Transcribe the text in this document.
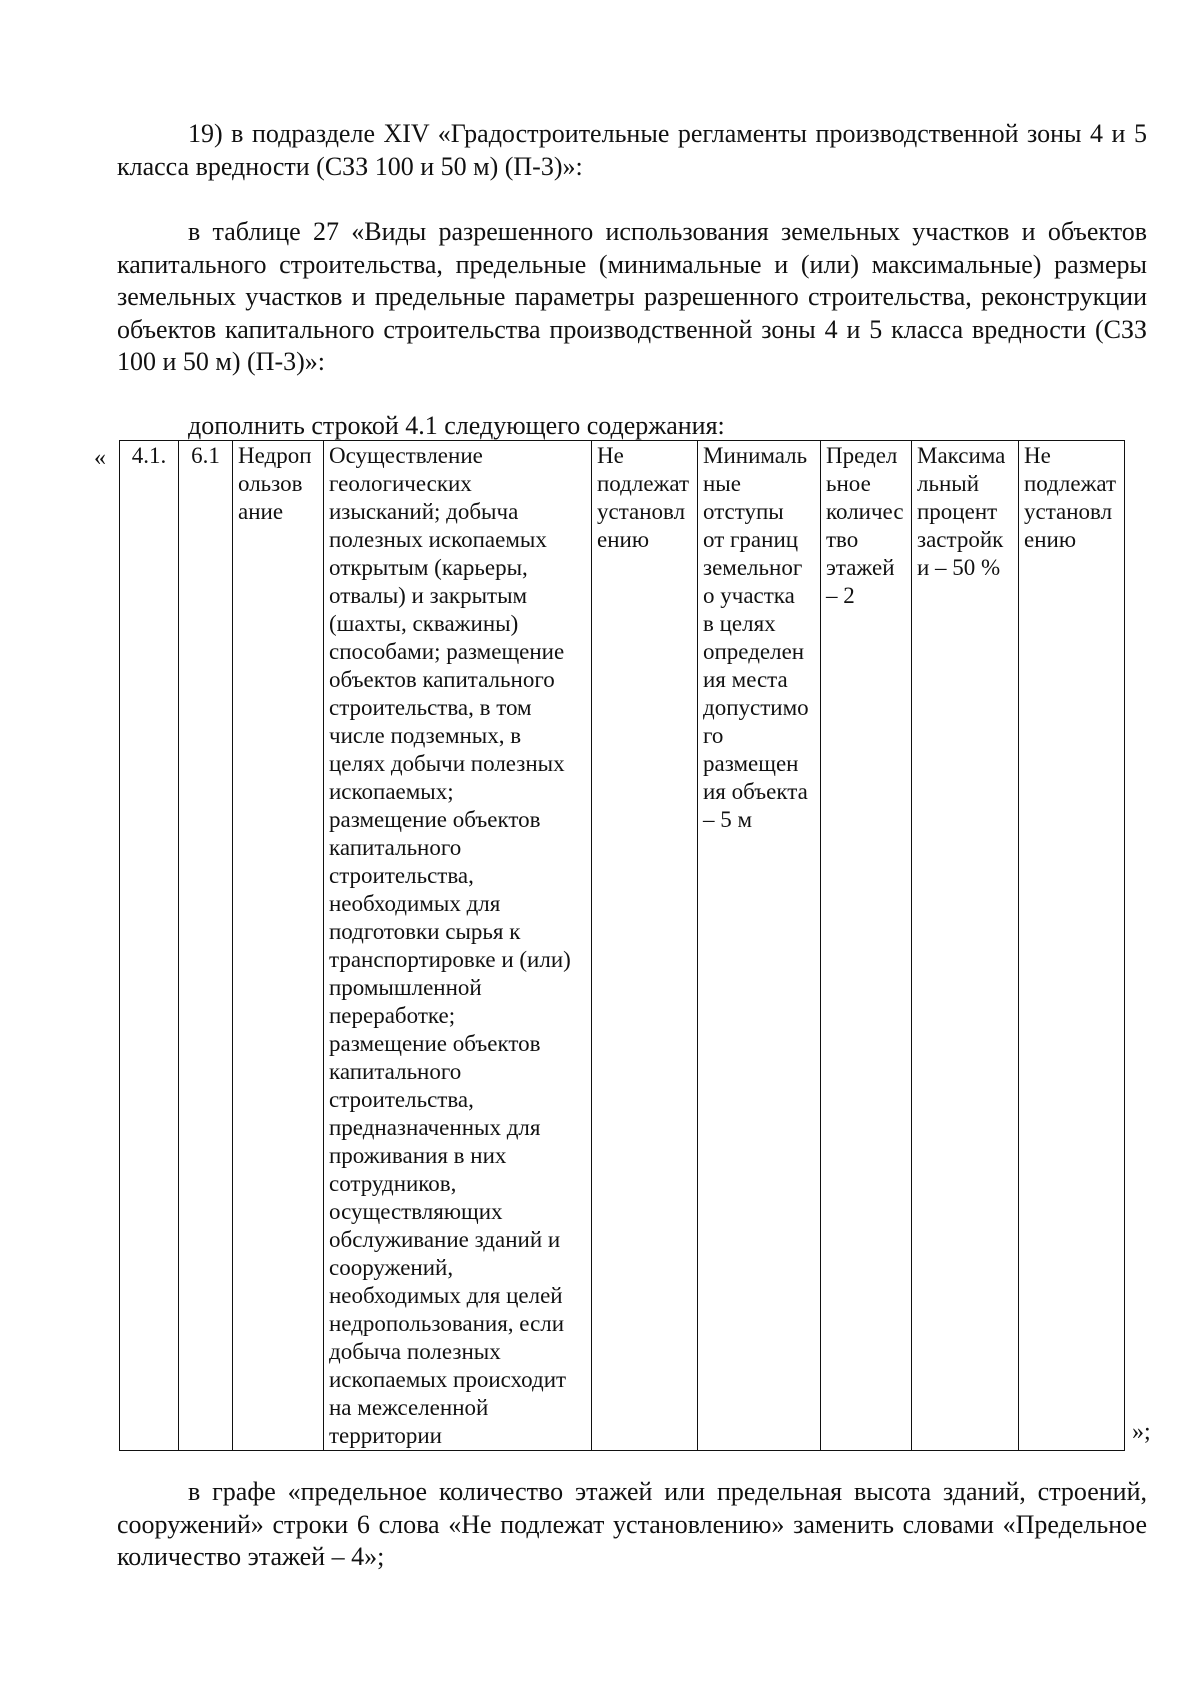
19) в подразделе XIV «Градостроительные регламенты производственной зоны 4 и 5 класса вредности (СЗЗ 100 и 50 м) (П-3)»:

в таблице 27 «Виды разрешенного использования земельных участков и объектов капитального строительства, предельные (минимальные и (или) максимальные) размеры земельных участков и предельные параметры разрешенного строительства, реконструкции объектов капитального строительства производственной зоны 4 и 5 класса вредности (СЗЗ 100 и 50 м) (П-3)»:

дополнить строкой 4.1 следующего содержания:

« 4.1.	6.1	Недроп
ользов
ание	Осуществление
геологических
изысканий; добыча
полезных ископаемых
открытым (карьеры,
отвалы) и закрытым
(шахты, скважины)
способами; размещение
объектов капитального
строительства, в том
числе подземных, в
целях добычи полезных
ископаемых;
размещение объектов
капитального
строительства,
необходимых для
подготовки сырья к
транспортировке и (или)
промышленной
переработке;
размещение объектов
капитального
строительства,
предназначенных для
проживания в них
сотрудников,
осуществляющих
обслуживание зданий и
сооружений,
необходимых для целей
недропользования, если
добыча полезных
ископаемых происходит
на межселенной
территории	Не
подлежат
установл
ению	Минималь
ные
отступы
от границ
земельног
о участка
в целях
определен
ия места
допустимо
го
размещен
ия объекта
– 5 м	Предел
ьное
количес
тво
этажей
– 2	Максима
льный
процент
застройк
и – 50 %	Не
подлежат
установл
ению
»;

в графе «предельное количество этажей или предельная высота зданий, строений, сооружений» строки 6 слова «Не подлежат установлению» заменить словами «Предельное количество этажей – 4»;
